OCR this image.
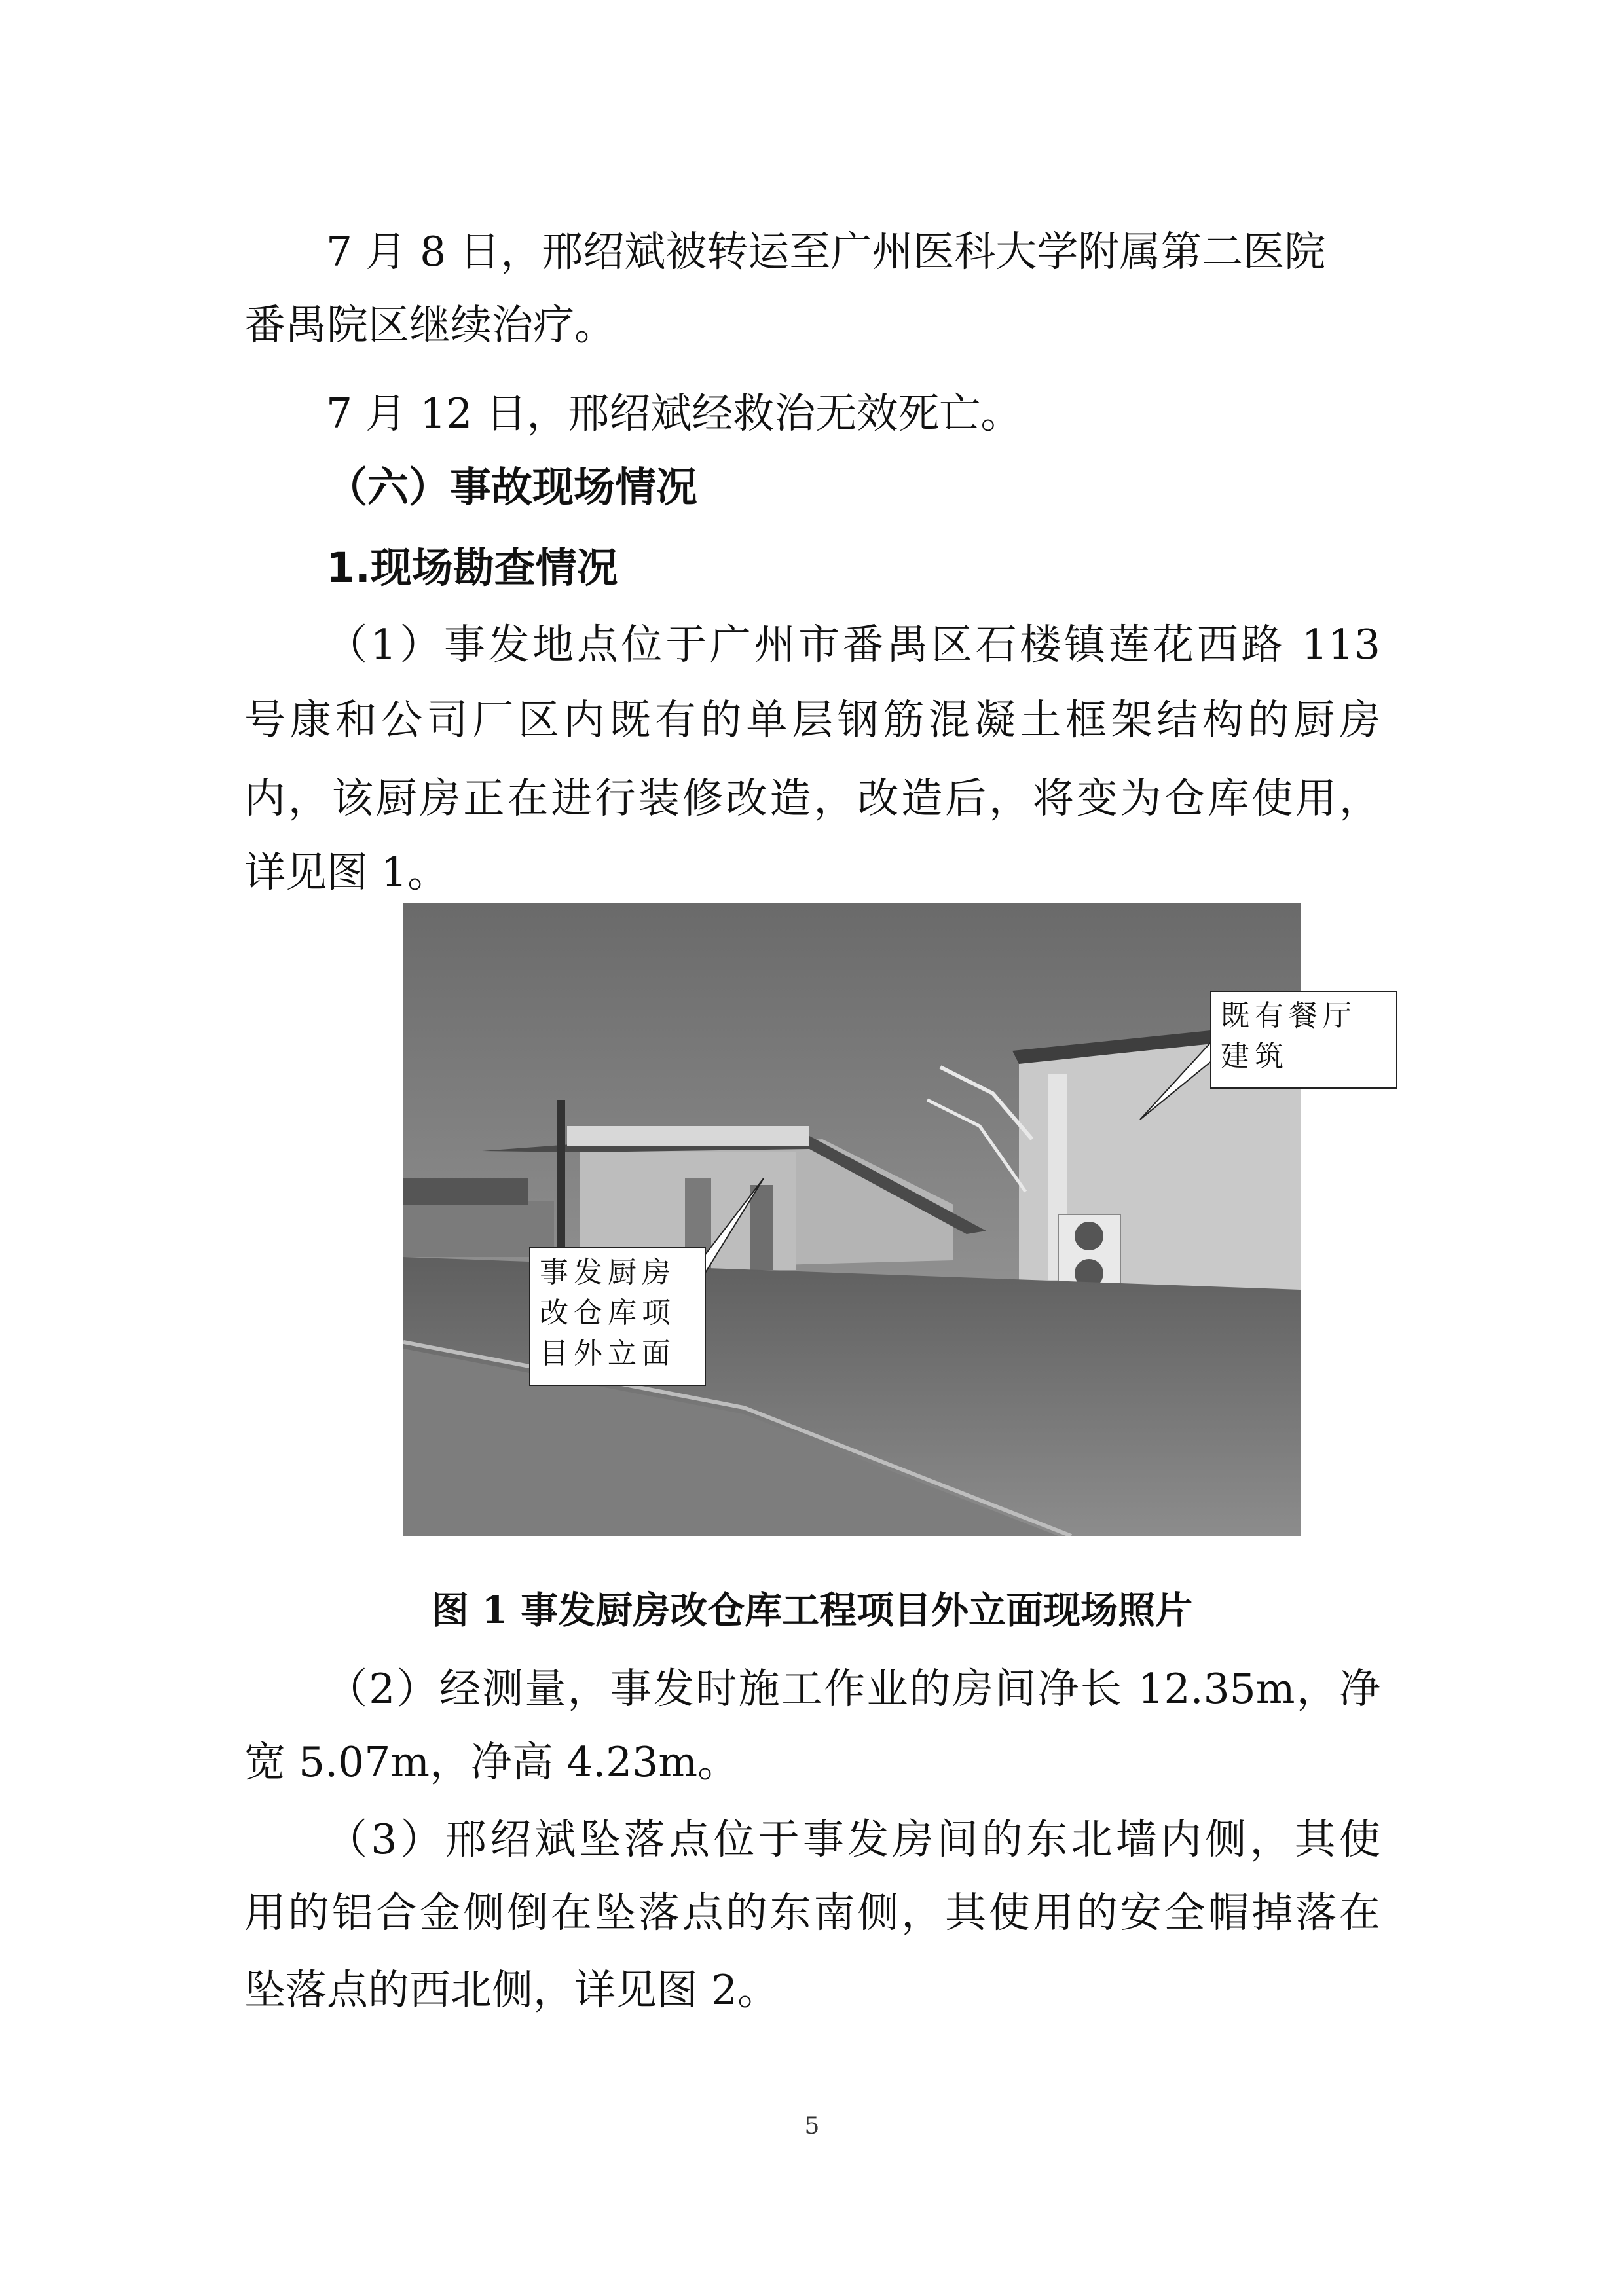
7 月 8 日，邢绍斌被转运至广州医科大学附属第二医院

番禺院区继续治疗。

7 月 12 日，邢绍斌经救治无效死亡。

（六）事故现场情况

1.现场勘查情况

（1）事发地点位于广州市番禺区石楼镇莲花西路 113

号康和公司厂区内既有的单层钢筋混凝土框架结构的厨房

内，该厨房正在进行装修改造，改造后，将变为仓库使用，

详见图 1。

事发厨房改仓库项目外立面
既有餐厅建筑
图 1 事发厨房改仓库工程项目外立面现场照片

（2）经测量，事发时施工作业的房间净长 12.35m，净

宽 5.07m，净高 4.23m。

（3）邢绍斌坠落点位于事发房间的东北墙内侧，其使

用的铝合金侧倒在坠落点的东南侧，其使用的安全帽掉落在

坠落点的西北侧，详见图 2。

5
